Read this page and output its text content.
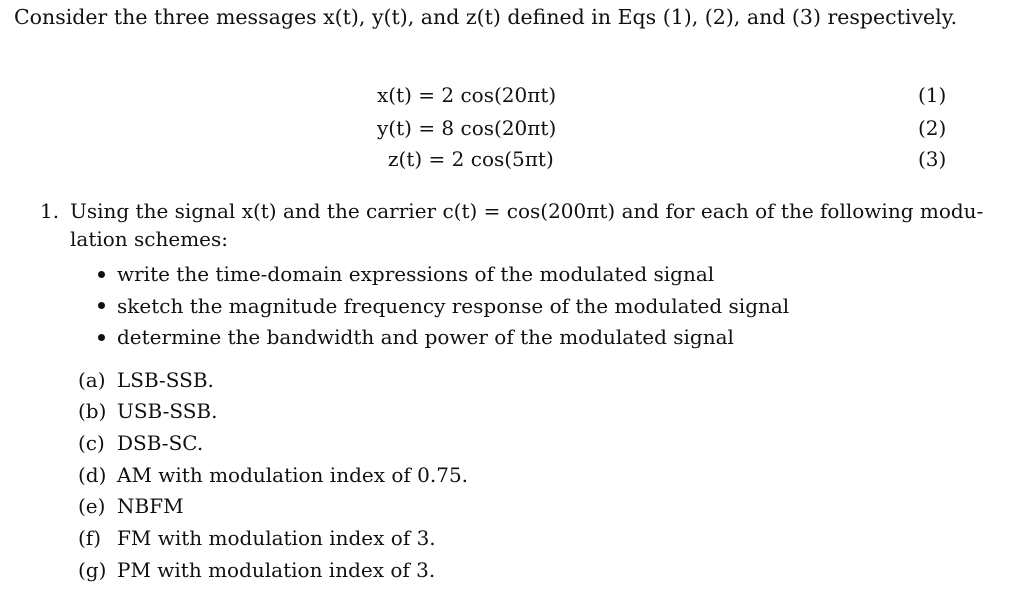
Consider the three messages x(t), y(t), and z(t) defined in Eqs (1), (2), and (3) respectively.
x(t) = 2 cos(20πt)
y(t) = 8 cos(20πt)
z(t) = 2 cos(5πt)
(1)
(2)
(3)
1. Using the signal x(t) and the carrier c(t) = cos(200πt) and for each of the following modu-
lation schemes:
write the time-domain expressions of the modulated signal
sketch the magnitude frequency response of the modulated signal
determine the bandwidth and power of the modulated signal
(a) LSB-SSB.
(b) USB-SSB.
(c) DSB-SC.
(d) AM with modulation index of 0.75.
(e) NBFM
(f) FM with modulation index of 3.
(g) PM with modulation index of 3.
